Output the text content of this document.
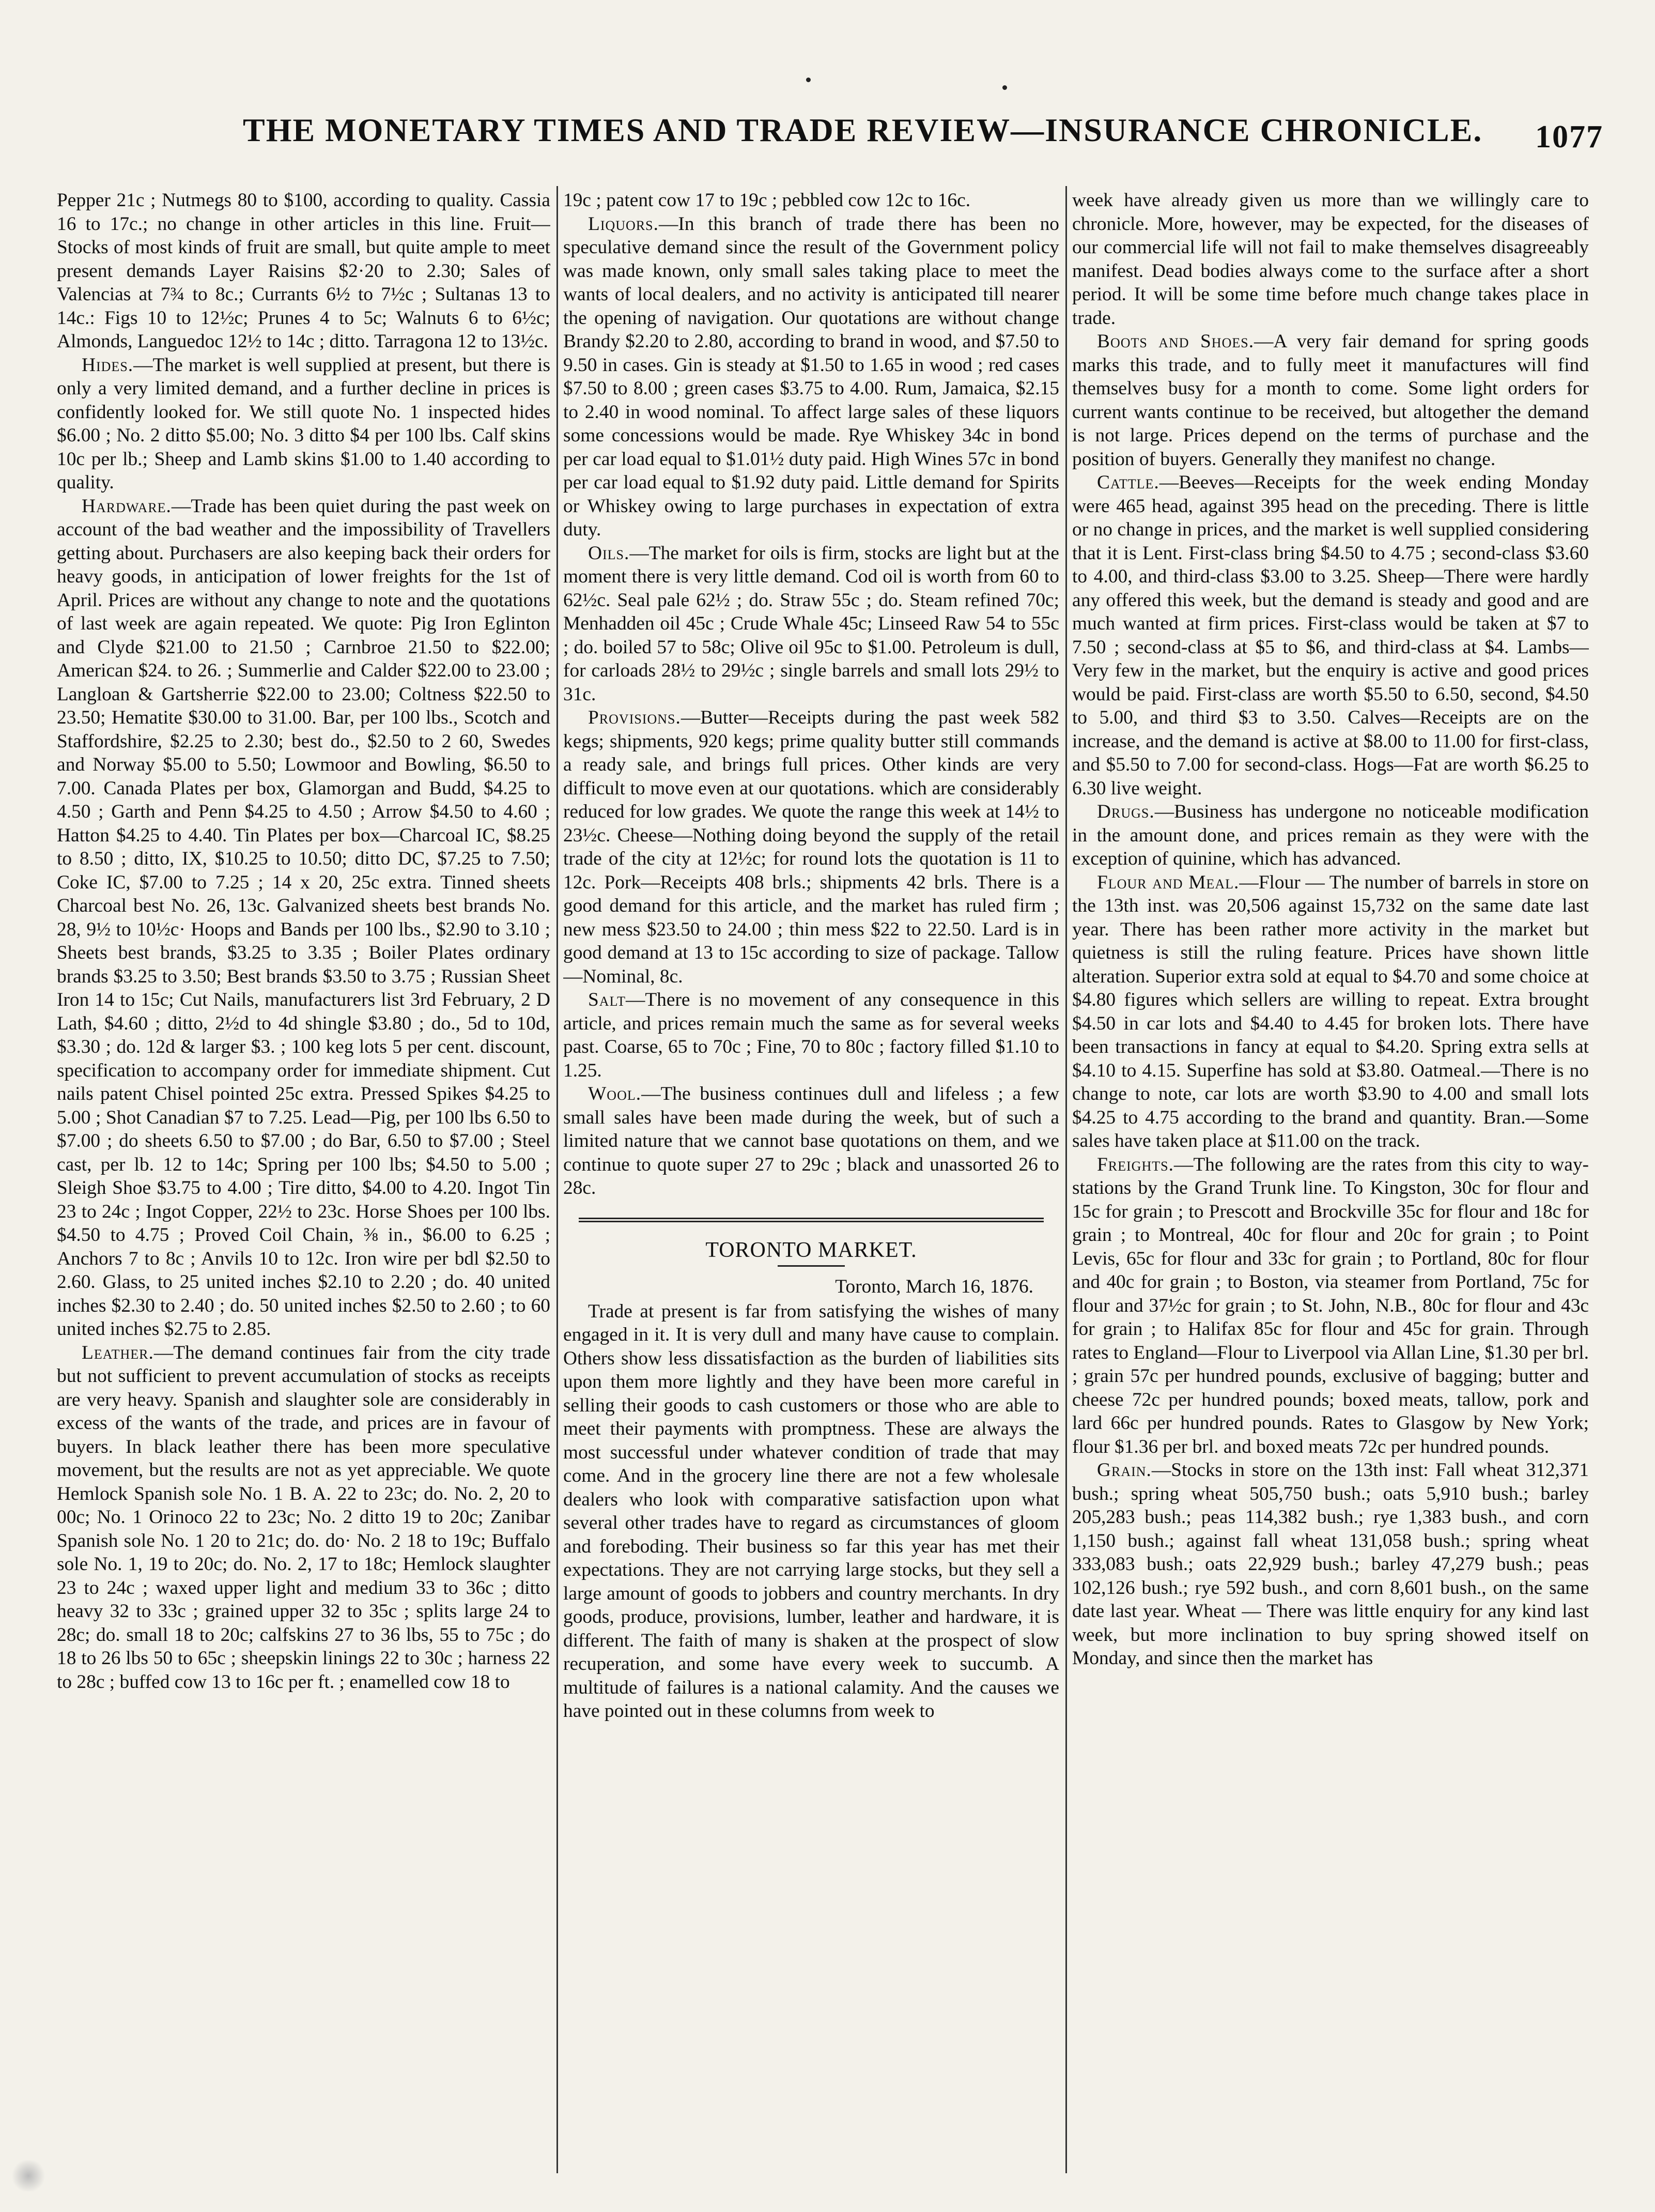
THE MONETARY TIMES AND TRADE REVIEW—INSURANCE CHRONICLE. 1077

Pepper 21c ; Nutmegs 80 to $100, according to quality. Cassia 16 to 17c.; no change in other articles in this line. Fruit—Stocks of most kinds of fruit are small, but quite ample to meet present demands Layer Raisins $2·20 to 2.30; Sales of Valencias at 7¾ to 8c.; Currants 6½ to 7½c ; Sultanas 13 to 14c.: Figs 10 to 12½c; Prunes 4 to 5c; Walnuts 6 to 6½c; Almonds, Languedoc 12½ to 14c ; ditto. Tarragona 12 to 13½c.

Hides.—The market is well supplied at present, but there is only a very limited demand, and a further decline in prices is confidently looked for. We still quote No. 1 inspected hides $6.00 ; No. 2 ditto $5.00; No. 3 ditto $4 per 100 lbs. Calf skins 10c per lb.; Sheep and Lamb skins $1.00 to 1.40 according to quality.

Hardware.—Trade has been quiet during the past week on account of the bad weather and the impossibility of Travellers getting about. Purchasers are also keeping back their orders for heavy goods, in anticipation of lower freights for the 1st of April. Prices are without any change to note and the quotations of last week are again repeated. We quote: Pig Iron Eglinton and Clyde $21.00 to 21.50 ; Carnbroe 21.50 to $22.00; American $24. to 26. ; Summerlie and Calder $22.00 to 23.00 ; Langloan & Gartsherrie $22.00 to 23.00; Coltness $22.50 to 23.50; Hematite $30.00 to 31.00. Bar, per 100 lbs., Scotch and Staffordshire, $2.25 to 2.30; best do., $2.50 to 2 60, Swedes and Norway $5.00 to 5.50; Lowmoor and Bowling, $6.50 to 7.00. Canada Plates per box, Glamorgan and Budd, $4.25 to 4.50 ; Garth and Penn $4.25 to 4.50 ; Arrow $4.50 to 4.60 ; Hatton $4.25 to 4.40. Tin Plates per box—Charcoal IC, $8.25 to 8.50 ; ditto, IX, $10.25 to 10.50; ditto DC, $7.25 to 7.50; Coke IC, $7.00 to 7.25 ; 14 x 20, 25c extra. Tinned sheets Charcoal best No. 26, 13c. Galvanized sheets best brands No. 28, 9½ to 10½c· Hoops and Bands per 100 lbs., $2.90 to 3.10 ; Sheets best brands, $3.25 to 3.35 ; Boiler Plates ordinary brands $3.25 to 3.50; Best brands $3.50 to 3.75 ; Russian Sheet Iron 14 to 15c; Cut Nails, manufacturers list 3rd February, 2 D Lath, $4.60 ; ditto, 2½d to 4d shingle $3.80 ; do., 5d to 10d, $3.30 ; do. 12d & larger $3. ; 100 keg lots 5 per cent. discount, specification to accompany order for immediate shipment. Cut nails patent Chisel pointed 25c extra. Pressed Spikes $4.25 to 5.00 ; Shot Canadian $7 to 7.25. Lead—Pig, per 100 lbs 6.50 to $7.00 ; do sheets 6.50 to $7.00 ; do Bar, 6.50 to $7.00 ; Steel cast, per lb. 12 to 14c; Spring per 100 lbs; $4.50 to 5.00 ; Sleigh Shoe $3.75 to 4.00 ; Tire ditto, $4.00 to 4.20. Ingot Tin 23 to 24c ; Ingot Copper, 22½ to 23c. Horse Shoes per 100 lbs. $4.50 to 4.75 ; Proved Coil Chain, ⅜ in., $6.00 to 6.25 ; Anchors 7 to 8c ; Anvils 10 to 12c. Iron wire per bdl $2.50 to 2.60. Glass, to 25 united inches $2.10 to 2.20 ; do. 40 united inches $2.30 to 2.40 ; do. 50 united inches $2.50 to 2.60 ; to 60 united inches $2.75 to 2.85.

Leather.—The demand continues fair from the city trade but not sufficient to prevent accumulation of stocks as receipts are very heavy. Spanish and slaughter sole are considerably in excess of the wants of the trade, and prices are in favour of buyers. In black leather there has been more speculative movement, but the results are not as yet appreciable. We quote Hemlock Spanish sole No. 1 B. A. 22 to 23c; do. No. 2, 20 to 00c; No. 1 Orinoco 22 to 23c; No. 2 ditto 19 to 20c; Zanibar Spanish sole No. 1 20 to 21c; do. do· No. 2 18 to 19c; Buffalo sole No. 1, 19 to 20c; do. No. 2, 17 to 18c; Hemlock slaughter 23 to 24c ; waxed upper light and medium 33 to 36c ; ditto heavy 32 to 33c ; grained upper 32 to 35c ; splits large 24 to 28c; do. small 18 to 20c; calfskins 27 to 36 lbs, 55 to 75c ; do 18 to 26 lbs 50 to 65c ; sheepskin linings 22 to 30c ; harness 22 to 28c ; buffed cow 13 to 16c per ft. ; enamelled cow 18 to

19c ; patent cow 17 to 19c ; pebbled cow 12c to 16c.

Liquors.—In this branch of trade there has been no speculative demand since the result of the Government policy was made known, only small sales taking place to meet the wants of local dealers, and no activity is anticipated till nearer the opening of navigation. Our quotations are without change Brandy $2.20 to 2.80, according to brand in wood, and $7.50 to 9.50 in cases. Gin is steady at $1.50 to 1.65 in wood ; red cases $7.50 to 8.00 ; green cases $3.75 to 4.00. Rum, Jamaica, $2.15 to 2.40 in wood nominal. To affect large sales of these liquors some concessions would be made. Rye Whiskey 34c in bond per car load equal to $1.01½ duty paid. High Wines 57c in bond per car load equal to $1.92 duty paid. Little demand for Spirits or Whiskey owing to large purchases in expectation of extra duty.

Oils.—The market for oils is firm, stocks are light but at the moment there is very little demand. Cod oil is worth from 60 to 62½c. Seal pale 62½ ; do. Straw 55c ; do. Steam refined 70c; Menhadden oil 45c ; Crude Whale 45c; Linseed Raw 54 to 55c ; do. boiled 57 to 58c; Olive oil 95c to $1.00. Petroleum is dull, for carloads 28½ to 29½c ; single barrels and small lots 29½ to 31c.

Provisions.—Butter—Receipts during the past week 582 kegs; shipments, 920 kegs; prime quality butter still commands a ready sale, and brings full prices. Other kinds are very difficult to move even at our quotations. which are considerably reduced for low grades. We quote the range this week at 14½ to 23½c. Cheese—Nothing doing beyond the supply of the retail trade of the city at 12½c; for round lots the quotation is 11 to 12c. Pork—Receipts 408 brls.; shipments 42 brls. There is a good demand for this article, and the market has ruled firm ; new mess $23.50 to 24.00 ; thin mess $22 to 22.50. Lard is in good demand at 13 to 15c according to size of package. Tallow —Nominal, 8c.

Salt—There is no movement of any consequence in this article, and prices remain much the same as for several weeks past. Coarse, 65 to 70c ; Fine, 70 to 80c ; factory filled $1.10 to 1.25.

Wool.—The business continues dull and lifeless ; a few small sales have been made during the week, but of such a limited nature that we cannot base quotations on them, and we continue to quote super 27 to 29c ; black and unassorted 26 to 28c.

TORONTO MARKET.

Toronto, March 16, 1876.

Trade at present is far from satisfying the wishes of many engaged in it. It is very dull and many have cause to complain. Others show less dissatisfaction as the burden of liabilities sits upon them more lightly and they have been more careful in selling their goods to cash customers or those who are able to meet their payments with promptness. These are always the most successful under whatever condition of trade that may come. And in the grocery line there are not a few wholesale dealers who look with comparative satisfaction upon what several other trades have to regard as circumstances of gloom and foreboding. Their business so far this year has met their expectations. They are not carrying large stocks, but they sell a large amount of goods to jobbers and country merchants. In dry goods, produce, provisions, lumber, leather and hardware, it is different. The faith of many is shaken at the prospect of slow recuperation, and some have every week to succumb. A multitude of failures is a national calamity. And the causes we have pointed out in these columns from week to

week have already given us more than we willingly care to chronicle. More, however, may be expected, for the diseases of our commercial life will not fail to make themselves disagreeably manifest. Dead bodies always come to the surface after a short period. It will be some time before much change takes place in trade.

Boots and Shoes.—A very fair demand for spring goods marks this trade, and to fully meet it manufactures will find themselves busy for a month to come. Some light orders for current wants continue to be received, but altogether the demand is not large. Prices depend on the terms of purchase and the position of buyers. Generally they manifest no change.

Cattle.—Beeves—Receipts for the week ending Monday were 465 head, against 395 head on the preceding. There is little or no change in prices, and the market is well supplied considering that it is Lent. First-class bring $4.50 to 4.75 ; second-class $3.60 to 4.00, and third-class $3.00 to 3.25. Sheep—There were hardly any offered this week, but the demand is steady and good and are much wanted at firm prices. First-class would be taken at $7 to 7.50 ; second-class at $5 to $6, and third-class at $4. Lambs—Very few in the market, but the enquiry is active and good prices would be paid. First-class are worth $5.50 to 6.50, second, $4.50 to 5.00, and third $3 to 3.50. Calves—Receipts are on the increase, and the demand is active at $8.00 to 11.00 for first-class, and $5.50 to 7.00 for second-class. Hogs—Fat are worth $6.25 to 6.30 live weight.

Drugs.—Business has undergone no noticeable modification in the amount done, and prices remain as they were with the exception of quinine, which has advanced.

Flour and Meal.—Flour — The number of barrels in store on the 13th inst. was 20,506 against 15,732 on the same date last year. There has been rather more activity in the market but quietness is still the ruling feature. Prices have shown little alteration. Superior extra sold at equal to $4.70 and some choice at $4.80 figures which sellers are willing to repeat. Extra brought $4.50 in car lots and $4.40 to 4.45 for broken lots. There have been transactions in fancy at equal to $4.20. Spring extra sells at $4.10 to 4.15. Superfine has sold at $3.80. Oatmeal.—There is no change to note, car lots are worth $3.90 to 4.00 and small lots $4.25 to 4.75 according to the brand and quantity. Bran.—Some sales have taken place at $11.00 on the track.

Freights.—The following are the rates from this city to way-stations by the Grand Trunk line. To Kingston, 30c for flour and 15c for grain ; to Prescott and Brockville 35c for flour and 18c for grain ; to Montreal, 40c for flour and 20c for grain ; to Point Levis, 65c for flour and 33c for grain ; to Portland, 80c for flour and 40c for grain ; to Boston, via steamer from Portland, 75c for flour and 37½c for grain ; to St. John, N.B., 80c for flour and 43c for grain ; to Halifax 85c for flour and 45c for grain. Through rates to England—Flour to Liverpool via Allan Line, $1.30 per brl. ; grain 57c per hundred pounds, exclusive of bagging; butter and cheese 72c per hundred pounds; boxed meats, tallow, pork and lard 66c per hundred pounds. Rates to Glasgow by New York; flour $1.36 per brl. and boxed meats 72c per hundred pounds.

Grain.—Stocks in store on the 13th inst: Fall wheat 312,371 bush.; spring wheat 505,750 bush.; oats 5,910 bush.; barley 205,283 bush.; peas 114,382 bush.; rye 1,383 bush., and corn 1,150 bush.; against fall wheat 131,058 bush.; spring wheat 333,083 bush.; oats 22,929 bush.; barley 47,279 bush.; peas 102,126 bush.; rye 592 bush., and corn 8,601 bush., on the same date last year. Wheat — There was little enquiry for any kind last week, but more inclination to buy spring showed itself on Monday, and since then the market has
